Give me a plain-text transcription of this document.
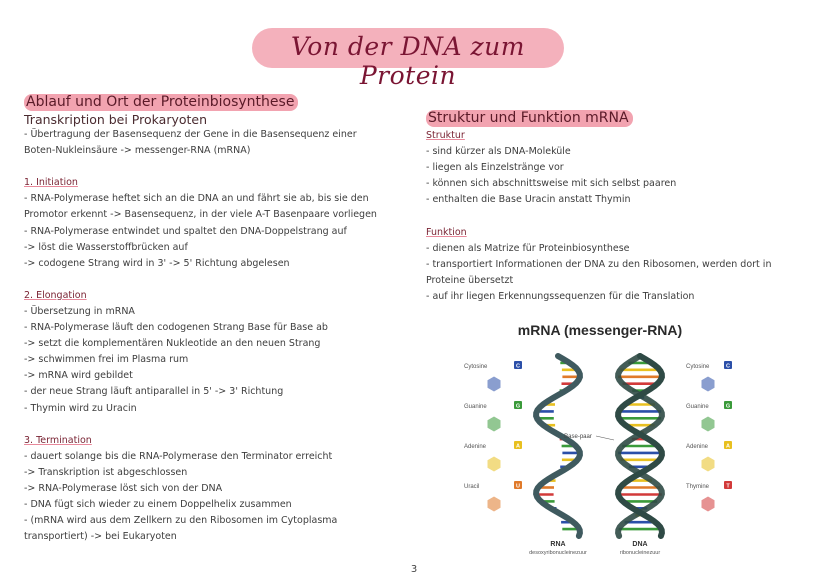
Von der DNA zum Protein

Ablauf und Ort der Proteinbiosynthese

Transkription bei Prokaryoten

- Übertragung der Basensequenz der Gene in die Basensequenz einer

Boten-Nukleinsäure -> messenger-RNA (mRNA)

1. Initiation

- RNA-Polymerase heftet sich an die DNA an und fährt sie ab, bis sie den

Promotor erkennt -> Basensequenz, in der viele A-T Basenpaare vorliegen

- RNA-Polymerase entwindet und spaltet den DNA-Doppelstrang auf

-> löst die Wasserstoffbrücken auf

-> codogene Strang wird in 3' -> 5' Richtung abgelesen

2. Elongation

- Übersetzung in mRNA

- RNA-Polymerase läuft den codogenen Strang Base für Base ab

-> setzt die komplementären Nukleotide an den neuen Strang

-> schwimmen frei im Plasma rum

-> mRNA wird gebildet

- der neue Strang läuft antiparallel in 5' -> 3' Richtung

- Thymin wird zu Uracin

3. Termination

- dauert solange bis die RNA-Polymerase den Terminator erreicht

-> Transkription ist abgeschlossen

-> RNA-Polymerase löst sich von der DNA

- DNA fügt sich wieder zu einem Doppelhelix zusammen

- (mRNA wird aus dem Zellkern zu den Ribosomen im Cytoplasma

transportiert) -> bei Eukaryoten

Struktur und Funktion mRNA

Struktur

- sind kürzer als DNA-Moleküle

- liegen als Einzelstränge vor

- können sich abschnittsweise mit sich selbst paaren

- enthalten die Base Uracin anstatt Thymin

Funktion

- dienen als Matrize für Proteinbiosynthese

- transportiert Informationen der DNA zu den Ribosomen, werden dort in

Proteine übersetzt

- auf ihr liegen Erkennungssequenzen für die Translation

mRNA (messenger-RNA)
Cytosine	C
Guanine	G
Adenine	A
Uracil	U
Cytosine	C
Guanine	G
Adenine	A
Thymine	T
Base-paar
RNA
desoxyribonucleinezuur
DNA
ribonucleinezuur
3
